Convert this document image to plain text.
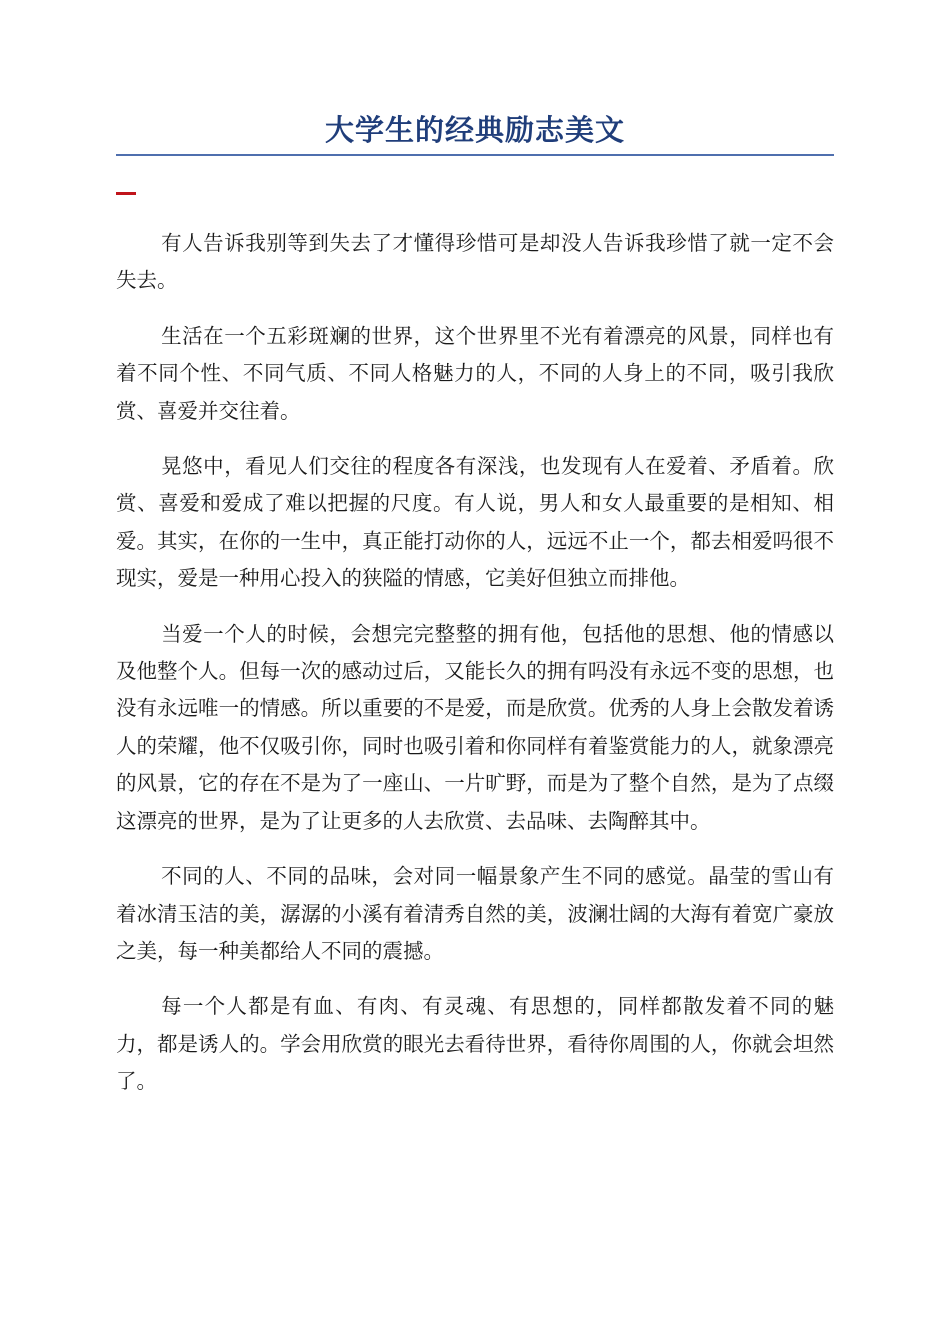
大学生的经典励志美文

有人告诉我别等到失去了才懂得珍惜可是却没人告诉我珍惜了就一定不会失去。

生活在一个五彩斑斓的世界，这个世界里不光有着漂亮的风景，同样也有着不同个性、不同气质、不同人格魅力的人，不同的人身上的不同，吸引我欣赏、喜爱并交往着。

晃悠中，看见人们交往的程度各有深浅，也发现有人在爱着、矛盾着。欣赏、喜爱和爱成了难以把握的尺度。有人说，男人和女人最重要的是相知、相爱。其实，在你的一生中，真正能打动你的人，远远不止一个，都去相爱吗很不现实，爱是一种用心投入的狭隘的情感，它美好但独立而排他。

当爱一个人的时候，会想完完整整的拥有他，包括他的思想、他的情感以及他整个人。但每一次的感动过后，又能长久的拥有吗没有永远不变的思想，也没有永远唯一的情感。所以重要的不是爱，而是欣赏。优秀的人身上会散发着诱人的荣耀，他不仅吸引你，同时也吸引着和你同样有着鉴赏能力的人，就象漂亮的风景，它的存在不是为了一座山、一片旷野，而是为了整个自然，是为了点缀这漂亮的世界，是为了让更多的人去欣赏、去品味、去陶醉其中。

不同的人、不同的品味，会对同一幅景象产生不同的感觉。晶莹的雪山有着冰清玉洁的美，潺潺的小溪有着清秀自然的美，波澜壮阔的大海有着宽广豪放之美，每一种美都给人不同的震撼。

每一个人都是有血、有肉、有灵魂、有思想的，同样都散发着不同的魅力，都是诱人的。学会用欣赏的眼光去看待世界，看待你周围的人，你就会坦然了。
